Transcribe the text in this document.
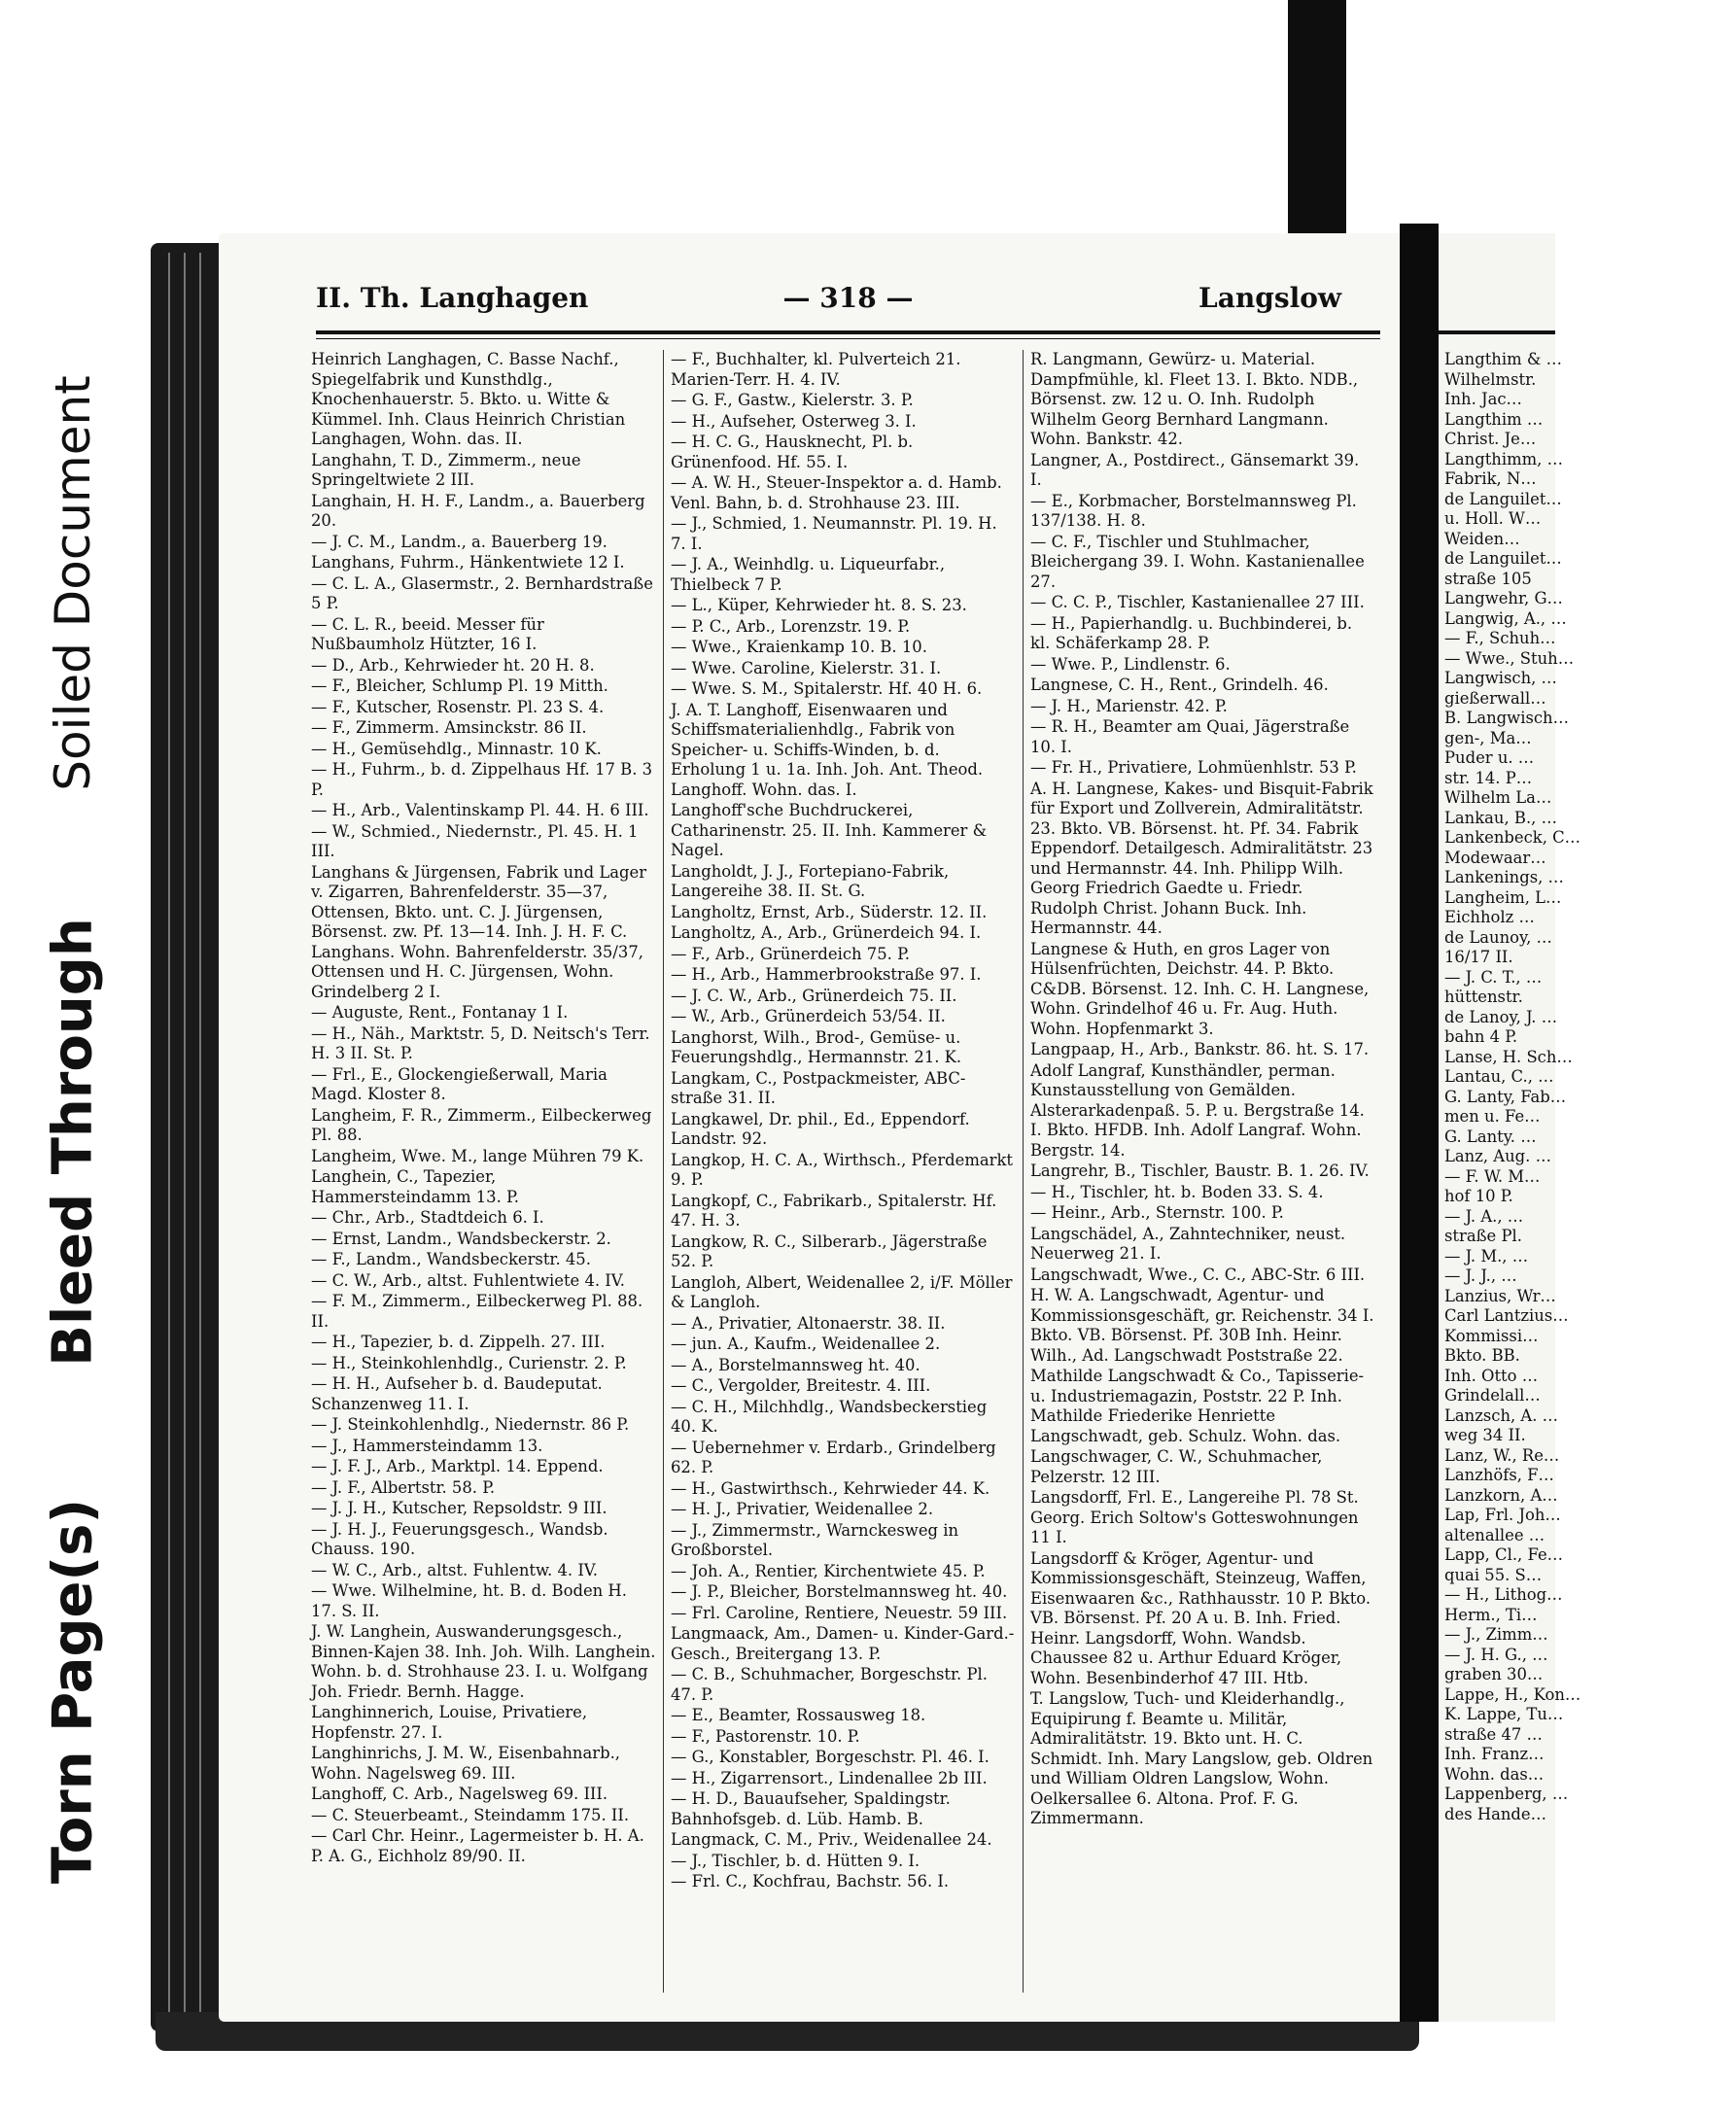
Soiled Document
Bleed Through
Torn Page(s)
II. Th. Langhagen	— 318 —	Langslow
Heinrich Langhagen, C. Basse Nachf., Spiegelfabrik und Kunsthdlg., Knochenhauerstr. 5. Bkto. u. Witte & Kümmel. Inh. Claus Heinrich Christian Langhagen, Wohn. das. II.
Langhahn, T. D., Zimmerm., neue Springeltwiete 2 III.
Langhain, H. H. F., Landm., a. Bauerberg 20.
— J. C. M., Landm., a. Bauerberg 19.
Langhans, Fuhrm., Hänkentwiete 12 I.
— C. L. A., Glasermstr., 2. Bernhardstraße 5 P.
— C. L. R., beeid. Messer für Nußbaumholz Hützter, 16 I.
— D., Arb., Kehrwieder ht. 20 H. 8.
— F., Bleicher, Schlump Pl. 19 Mitth.
— F., Kutscher, Rosenstr. Pl. 23 S. 4.
— F., Zimmerm. Amsinckstr. 86 II.
— H., Gemüsehdlg., Minnastr. 10 K.
— H., Fuhrm., b. d. Zippelhaus Hf. 17 B. 3 P.
— H., Arb., Valentinskamp Pl. 44. H. 6 III.
— W., Schmied., Niedernstr., Pl. 45. H. 1 III.
Langhans & Jürgensen, Fabrik und Lager v. Zigarren, Bahrenfelderstr. 35—37, Ottensen, Bkto. unt. C. J. Jürgensen, Börsenst. zw. Pf. 13—14. Inh. J. H. F. C. Langhans. Wohn. Bahrenfelderstr. 35/37, Ottensen und H. C. Jürgensen, Wohn. Grindelberg 2 I.
— Auguste, Rent., Fontanay 1 I.
— H., Näh., Marktstr. 5, D. Neitsch's Terr. H. 3 II. St. P.
— Frl., E., Glockengießerwall, Maria Magd. Kloster 8.
Langheim, F. R., Zimmerm., Eilbeckerweg Pl. 88.
Langheim, Wwe. M., lange Mühren 79 K.
Langhein, C., Tapezier, Hammersteindamm 13. P.
— Chr., Arb., Stadtdeich 6. I.
— Ernst, Landm., Wandsbeckerstr. 2.
— F., Landm., Wandsbeckerstr. 45.
— C. W., Arb., altst. Fuhlentwiete 4. IV.
— F. M., Zimmerm., Eilbeckerweg Pl. 88. II.
— H., Tapezier, b. d. Zippelh. 27. III.
— H., Steinkohlenhdlg., Curienstr. 2. P.
— H. H., Aufseher b. d. Baudeputat. Schanzenweg 11. I.
— J. Steinkohlenhdlg., Niedernstr. 86 P.
— J., Hammersteindamm 13.
— J. F. J., Arb., Marktpl. 14. Eppend.
— J. F., Albertstr. 58. P.
— J. J. H., Kutscher, Repsoldstr. 9 III.
— J. H. J., Feuerungsgesch., Wandsb. Chauss. 190.
— W. C., Arb., altst. Fuhlentw. 4. IV.
— Wwe. Wilhelmine, ht. B. d. Boden H. 17. S. II.
J. W. Langhein, Auswanderungsgesch., Binnen-Kajen 38. Inh. Joh. Wilh. Langhein. Wohn. b. d. Strohhause 23. I. u. Wolfgang Joh. Friedr. Bernh. Hagge.
Langhinnerich, Louise, Privatiere, Hopfenstr. 27. I.
Langhinrichs, J. M. W., Eisenbahnarb., Wohn. Nagelsweg 69. III.
Langhoff, C. Arb., Nagelsweg 69. III.
— C. Steuerbeamt., Steindamm 175. II.
— Carl Chr. Heinr., Lagermeister b. H. A. P. A. G., Eichholz 89/90. II.
— F., Buchhalter, kl. Pulverteich 21. Marien-Terr. H. 4. IV.
— G. F., Gastw., Kielerstr. 3. P.
— H., Aufseher, Osterweg 3. I.
— H. C. G., Hausknecht, Pl. b. Grünenfood. Hf. 55. I.
— A. W. H., Steuer-Inspektor a. d. Hamb. Venl. Bahn, b. d. Strohhause 23. III.
— J., Schmied, 1. Neumannstr. Pl. 19. H. 7. I.
— J. A., Weinhdlg. u. Liqueurfabr., Thielbeck 7 P.
— L., Küper, Kehrwieder ht. 8. S. 23.
— P. C., Arb., Lorenzstr. 19. P.
— Wwe., Kraienkamp 10. B. 10.
— Wwe. Caroline, Kielerstr. 31. I.
— Wwe. S. M., Spitalerstr. Hf. 40 H. 6.
J. A. T. Langhoff, Eisenwaaren und Schiffsmaterialienhdlg., Fabrik von Speicher- u. Schiffs-Winden, b. d. Erholung 1 u. 1a. Inh. Joh. Ant. Theod. Langhoff. Wohn. das. I.
Langhoff'sche Buchdruckerei, Catharinenstr. 25. II. Inh. Kammerer & Nagel.
Langholdt, J. J., Fortepiano-Fabrik, Langereihe 38. II. St. G.
Langholtz, Ernst, Arb., Süderstr. 12. II.
Langholtz, A., Arb., Grünerdeich 94. I.
— F., Arb., Grünerdeich 75. P.
— H., Arb., Hammerbrookstraße 97. I.
— J. C. W., Arb., Grünerdeich 75. II.
— W., Arb., Grünerdeich 53/54. II.
Langhorst, Wilh., Brod-, Gemüse- u. Feuerungshdlg., Hermannstr. 21. K.
Langkam, C., Postpackmeister, ABC-straße 31. II.
Langkawel, Dr. phil., Ed., Eppendorf. Landstr. 92.
Langkop, H. C. A., Wirthsch., Pferdemarkt 9. P.
Langkopf, C., Fabrikarb., Spitalerstr. Hf. 47. H. 3.
Langkow, R. C., Silberarb., Jägerstraße 52. P.
Langloh, Albert, Weidenallee 2, i/F. Möller & Langloh.
— A., Privatier, Altonaerstr. 38. II.
— jun. A., Kaufm., Weidenallee 2.
— A., Borstelmannsweg ht. 40.
— C., Vergolder, Breitestr. 4. III.
— C. H., Milchhdlg., Wandsbeckerstieg 40. K.
— Uebernehmer v. Erdarb., Grindelberg 62. P.
— H., Gastwirthsch., Kehrwieder 44. K.
— H. J., Privatier, Weidenallee 2.
— J., Zimmermstr., Warnckesweg in Großborstel.
— Joh. A., Rentier, Kirchentwiete 45. P.
— J. P., Bleicher, Borstelmannsweg ht. 40.
— Frl. Caroline, Rentiere, Neuestr. 59 III.
Langmaack, Am., Damen- u. Kinder-Gard.-Gesch., Breitergang 13. P.
— C. B., Schuhmacher, Borgeschstr. Pl. 47. P.
— E., Beamter, Rossausweg 18.
— F., Pastorenstr. 10. P.
— G., Konstabler, Borgeschstr. Pl. 46. I.
— H., Zigarrensort., Lindenallee 2b III.
— H. D., Bauaufseher, Spaldingstr. Bahnhofsgeb. d. Lüb. Hamb. B.
Langmack, C. M., Priv., Weidenallee 24.
— J., Tischler, b. d. Hütten 9. I.
— Frl. C., Kochfrau, Bachstr. 56. I.
R. Langmann, Gewürz- u. Material. Dampfmühle, kl. Fleet 13. I. Bkto. NDB., Börsenst. zw. 12 u. O. Inh. Rudolph Wilhelm Georg Bernhard Langmann. Wohn. Bankstr. 42.
Langner, A., Postdirect., Gänsemarkt 39. I.
— E., Korbmacher, Borstelmannsweg Pl. 137/138. H. 8.
— C. F., Tischler und Stuhlmacher, Bleichergang 39. I. Wohn. Kastanienallee 27.
— C. C. P., Tischler, Kastanienallee 27 III.
— H., Papierhandlg. u. Buchbinderei, b. kl. Schäferkamp 28. P.
— Wwe. P., Lindlenstr. 6.
Langnese, C. H., Rent., Grindelh. 46.
— J. H., Marienstr. 42. P.
— R. H., Beamter am Quai, Jägerstraße 10. I.
— Fr. H., Privatiere, Lohmüenhlstr. 53 P.
A. H. Langnese, Kakes- und Bisquit-Fabrik für Export und Zollverein, Admiralitätstr. 23. Bkto. VB. Börsenst. ht. Pf. 34. Fabrik Eppendorf. Detailgesch. Admiralitätstr. 23 und Hermannstr. 44. Inh. Philipp Wilh. Georg Friedrich Gaedte u. Friedr. Rudolph Christ. Johann Buck. Inh. Hermannstr. 44.
Langnese & Huth, en gros Lager von Hülsenfrüchten, Deichstr. 44. P. Bkto. C&DB. Börsenst. 12. Inh. C. H. Langnese, Wohn. Grindelhof 46 u. Fr. Aug. Huth. Wohn. Hopfenmarkt 3.
Langpaap, H., Arb., Bankstr. 86. ht. S. 17.
Adolf Langraf, Kunsthändler, perman. Kunstausstellung von Gemälden. Alsterarkadenpaß. 5. P. u. Bergstraße 14. I. Bkto. HFDB. Inh. Adolf Langraf. Wohn. Bergstr. 14.
Langrehr, B., Tischler, Baustr. B. 1. 26. IV.
— H., Tischler, ht. b. Boden 33. S. 4.
— Heinr., Arb., Sternstr. 100. P.
Langschädel, A., Zahntechniker, neust. Neuerweg 21. I.
Langschwadt, Wwe., C. C., ABC-Str. 6 III.
H. W. A. Langschwadt, Agentur- und Kommissionsgeschäft, gr. Reichenstr. 34 I. Bkto. VB. Börsenst. Pf. 30B Inh. Heinr. Wilh., Ad. Langschwadt Poststraße 22.
Mathilde Langschwadt & Co., Tapisserie- u. Industriemagazin, Poststr. 22 P. Inh. Mathilde Friederike Henriette Langschwadt, geb. Schulz. Wohn. das.
Langschwager, C. W., Schuhmacher, Pelzerstr. 12 III.
Langsdorff, Frl. E., Langereihe Pl. 78 St. Georg. Erich Soltow's Gotteswohnungen 11 I.
Langsdorff & Kröger, Agentur- und Kommissionsgeschäft, Steinzeug, Waffen, Eisenwaaren &c., Rathhausstr. 10 P. Bkto. VB. Börsenst. Pf. 20 A u. B. Inh. Fried. Heinr. Langsdorff, Wohn. Wandsb. Chaussee 82 u. Arthur Eduard Kröger, Wohn. Besenbinderhof 47 III. Htb.
T. Langslow, Tuch- und Kleiderhandlg., Equipirung f. Beamte u. Militär, Admiralitätstr. 19. Bkto unt. H. C. Schmidt. Inh. Mary Langslow, geb. Oldren und William Oldren Langslow, Wohn. Oelkersallee 6. Altona. Prof. F. G. Zimmermann.
Langthim & …
Wilhelmstr.
Inh. Jac…
Langthim …
Christ. Je…
Langthimm, …
Fabrik, N…
de Languilet…
u. Holl. W…
Weiden…
de Languilet…
straße 105
Langwehr, G…
Langwig, A., …
— F., Schuh…
— Wwe., Stuh…
Langwisch, …
gießerwall…
B. Langwisch…
gen-, Ma…
Puder u. …
str. 14. P…
Wilhelm La…
Lankau, B., …
Lankenbeck, C…
Modewaar…
Lankenings, …
Langheim, L…
Eichholz …
de Launoy, …
16/17 II.
— J. C. T., …
hüttenstr.
de Lanoy, J. …
bahn 4 P.
Lanse, H. Sch…
Lantau, C., …
G. Lanty, Fab…
men u. Fe…
G. Lanty. …
Lanz, Aug. …
— F. W. M…
hof 10 P.
— J. A., …
straße Pl.
— J. M., …
— J. J., …
Lanzius, Wr…
Carl Lantzius…
Kommissi…
Bkto. BB.
Inh. Otto …
Grindelall…
Lanzsch, A. …
weg 34 II.
Lanz, W., Re…
Lanzhöfs, F…
Lanzkorn, A…
Lap, Frl. Joh…
altenallee …
Lapp, Cl., Fe…
quai 55. S…
— H., Lithog…
Herm., Ti…
— J., Zimm…
— J. H. G., …
graben 30…
Lappe, H., Kon…
K. Lappe, Tu…
straße 47 …
Inh. Franz…
Wohn. das…
Lappenberg, …
des Hande…
